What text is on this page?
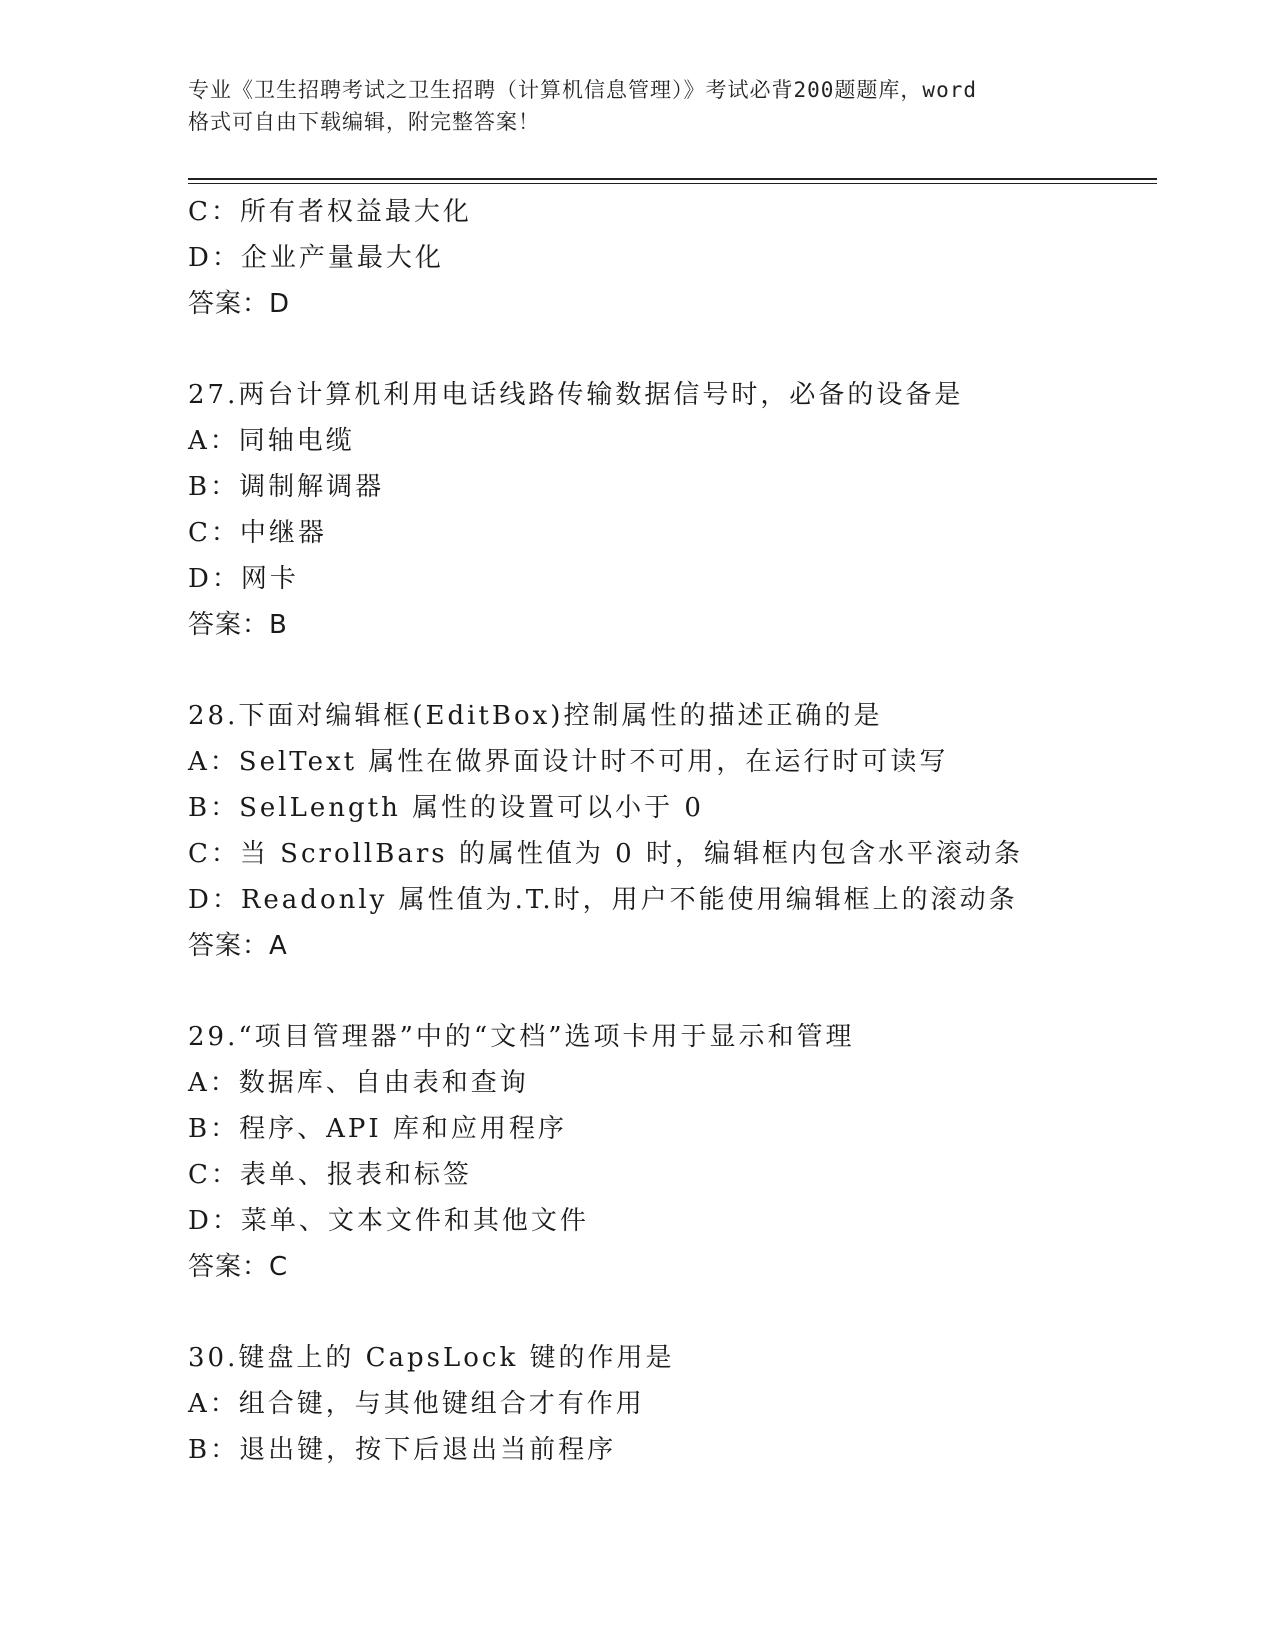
专业《卫生招聘考试之卫生招聘（计算机信息管理）》考试必背200题题库，word
格式可自由下载编辑，附完整答案！
C：所有者权益最大化
D：企业产量最大化
答案：D
27.两台计算机利用电话线路传输数据信号时，必备的设备是
A：同轴电缆
B：调制解调器
C：中继器
D：网卡
答案：B
28.下面对编辑框(EditBox)控制属性的描述正确的是
A：SelText 属性在做界面设计时不可用，在运行时可读写
B：SelLength 属性的设置可以小于 0
C：当 ScrollBars 的属性值为 0 时，编辑框内包含水平滚动条
D：Readonly 属性值为.T.时，用户不能使用编辑框上的滚动条
答案：A
29.“项目管理器”中的“文档”选项卡用于显示和管理
A：数据库、自由表和查询
B：程序、API 库和应用程序
C：表单、报表和标签
D：菜单、文本文件和其他文件
答案：C
30.键盘上的 CapsLock 键的作用是
A：组合键，与其他键组合才有作用
B：退出键，按下后退出当前程序
